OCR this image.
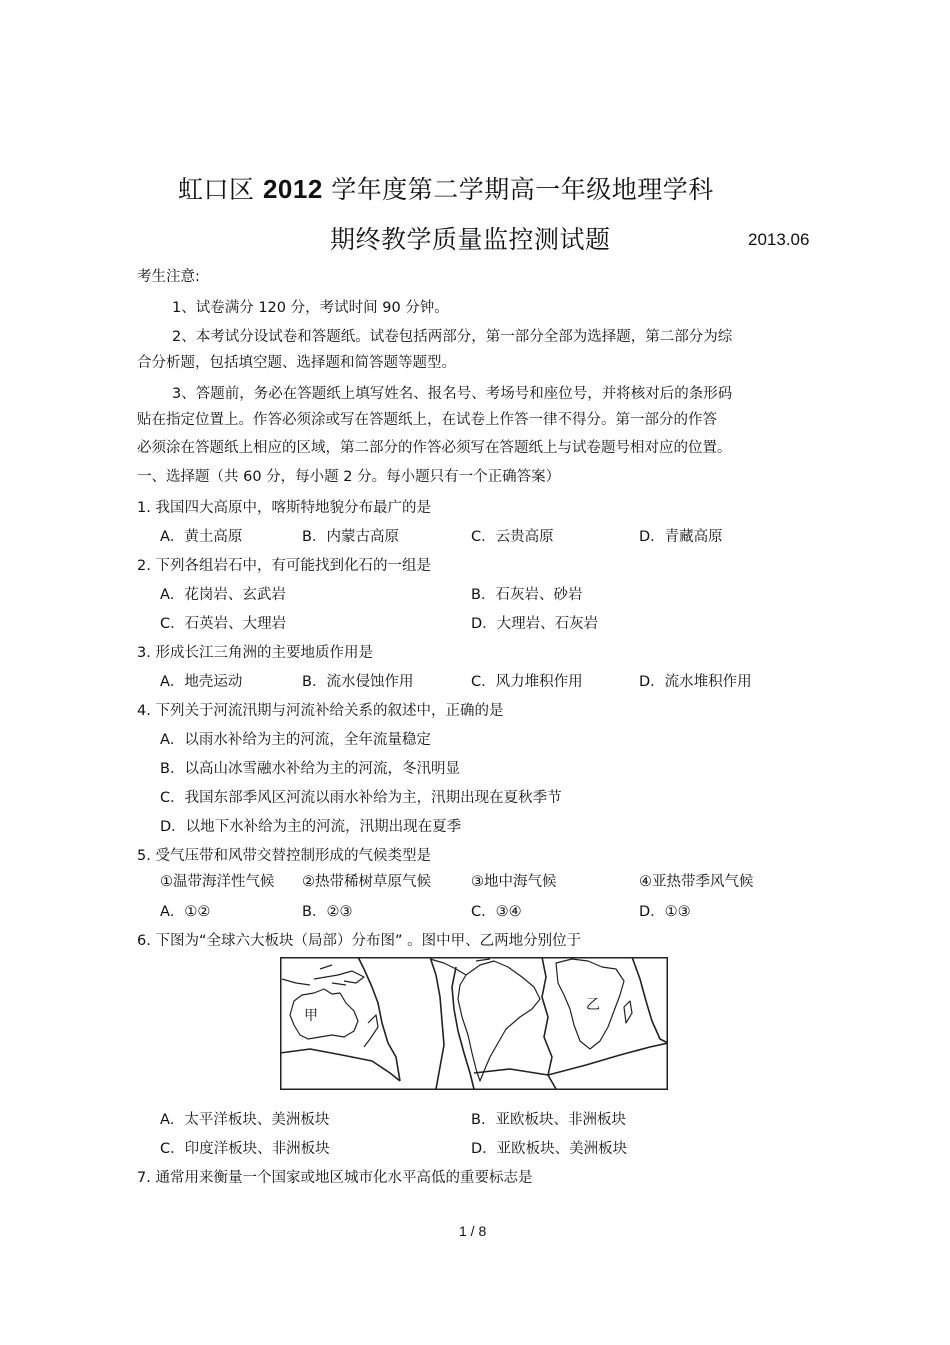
虹口区 2012 学年度第二学期高一年级地理学科
期终教学质量监控测试题	2013.06
考生注意:
1、试卷满分 120 分，考试时间 90 分钟。
2、本考试分设试卷和答题纸。试卷包括两部分，第一部分全部为选择题，第二部分为综
合分析题，包括填空题、选择题和简答题等题型。
3、答题前，务必在答题纸上填写姓名、报名号、考场号和座位号，并将核对后的条形码
贴在指定位置上。作答必须涂或写在答题纸上，在试卷上作答一律不得分。第一部分的作答
必须涂在答题纸上相应的区域，第二部分的作答必须写在答题纸上与试卷题号相对应的位置。
一、选择题（共 60 分，每小题 2 分。每小题只有一个正确答案）
1. 我国四大高原中，喀斯特地貌分布最广的是
A．黄土高原	B．内蒙古高原	C．云贵高原	D．青藏高原
2. 下列各组岩石中，有可能找到化石的一组是
A．花岗岩、玄武岩	B．石灰岩、砂岩
C．石英岩、大理岩	D．大理岩、石灰岩
3. 形成长江三角洲的主要地质作用是
A．地壳运动	B．流水侵蚀作用	C．风力堆积作用	D．流水堆积作用
4. 下列关于河流汛期与河流补给关系的叙述中，正确的是
A．以雨水补给为主的河流，全年流量稳定
B．以高山冰雪融水补给为主的河流，冬汛明显
C．我国东部季风区河流以雨水补给为主，汛期出现在夏秋季节
D．以地下水补给为主的河流，汛期出现在夏季
5. 受气压带和风带交替控制形成的气候类型是
①温带海洋性气候 ②热带稀树草原气候	③地中海气候	④亚热带季风气候
A．①②	B．②③	C．③④	D．①③
6. 下图为“全球六大板块（局部）分布图” 。图中甲、乙两地分别位于
甲
乙
A．太平洋板块、美洲板块	B．亚欧板块、非洲板块
C．印度洋板块、非洲板块	D．亚欧板块、美洲板块
7. 通常用来衡量一个国家或地区城市化水平高低的重要标志是
1 / 8
